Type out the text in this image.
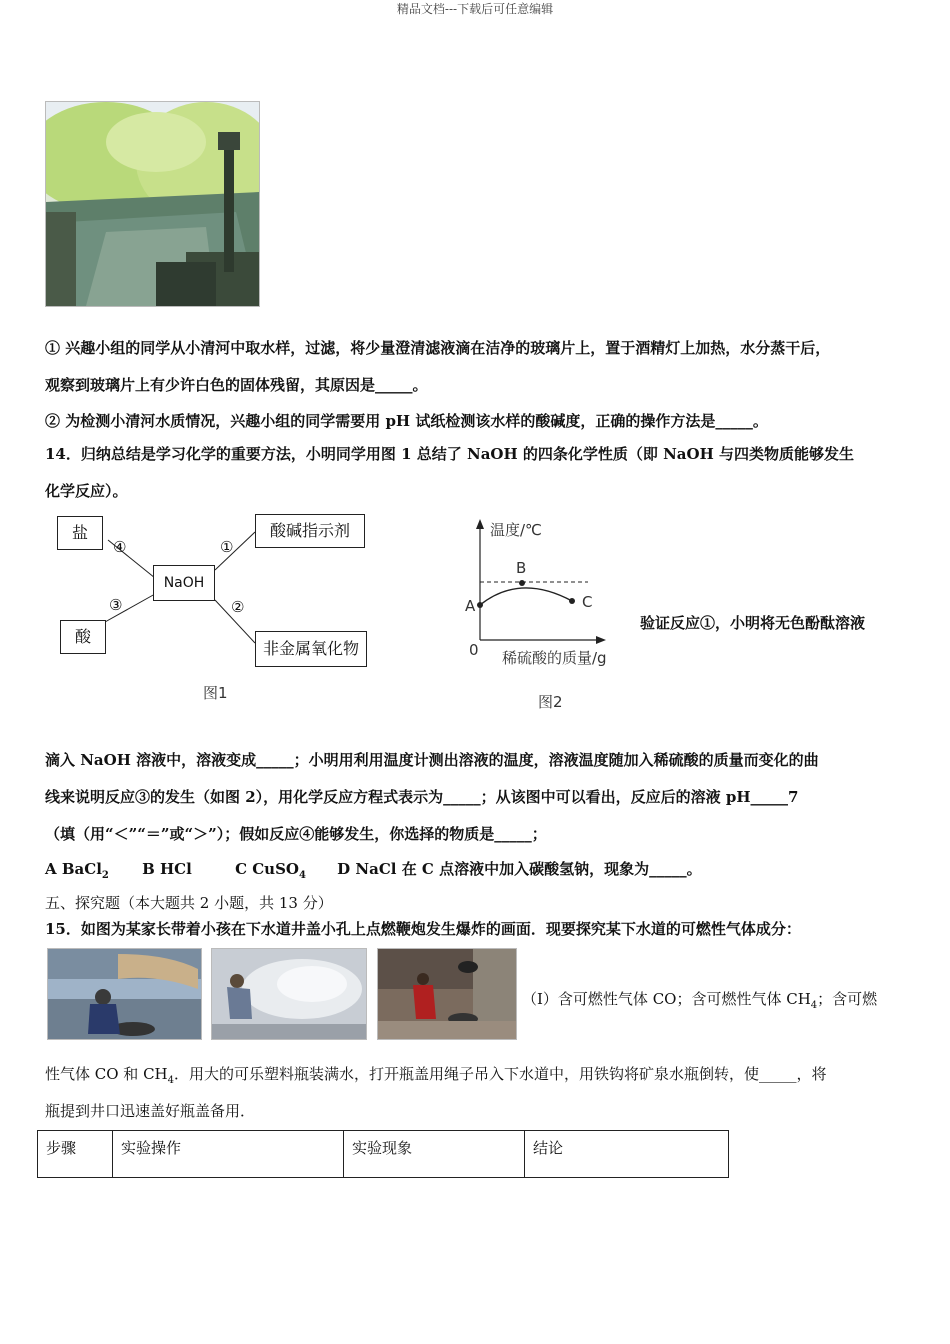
精品文档---下载后可任意编辑
① 兴趣小组的同学从小清河中取水样，过滤，将少量澄清滤液滴在洁净的玻璃片上，置于酒精灯上加热，水分蒸干后，
观察到玻璃片上有少许白色的固体残留，其原因是_____。
② 为检测小清河水质情况，兴趣小组的同学需要用 pH 试纸检测该水样的酸碱度，正确的操作方法是_____。
14．归纳总结是学习化学的重要方法，小明同学用图 1 总结了 NaOH 的四条化学性质（即 NaOH 与四类物质能够发生
化学反应）。
盐
NaOH
酸碱指示剂
酸
非金属氧化物
④	①
③	②
图1
温度/℃
A
B
C
0 稀硫酸的质量/g
图2
验证反应①，小明将无色酚酞溶液
滴入 NaOH 溶液中，溶液变成_____；小明用利用温度计测出溶液的温度，溶液温度随加入稀硫酸的质量而变化的曲
线来说明反应③的发生（如图 2），用化学反应方程式表示为_____；从该图中可以看出，反应后的溶液 pH_____7
（填（用“＜”“＝”或“＞”）；假如反应④能够发生，你选择的物质是_____；
A BaCl$_2$ B HCl	C CuSO$_4$ D NaCl 在 C 点溶液中加入碳酸氢钠，现象为_____。
五、探究题（本大题共 2 小题，共 13 分）
15．如图为某家长带着小孩在下水道井盖小孔上点燃鞭炮发生爆炸的画面．现要探究某下水道的可燃性气体成分：
（Ⅰ）含可燃性气体 CO；含可燃性气体 $CH_4$；含可燃
性气体 CO 和 $CH_4$．用大的可乐塑料瓶装满水，打开瓶盖用绳子吊入下水道中，用铁钩将矿泉水瓶倒转，使_____，将
瓶提到井口迅速盖好瓶盖备用．
步骤	实验操作	实验现象	结论
